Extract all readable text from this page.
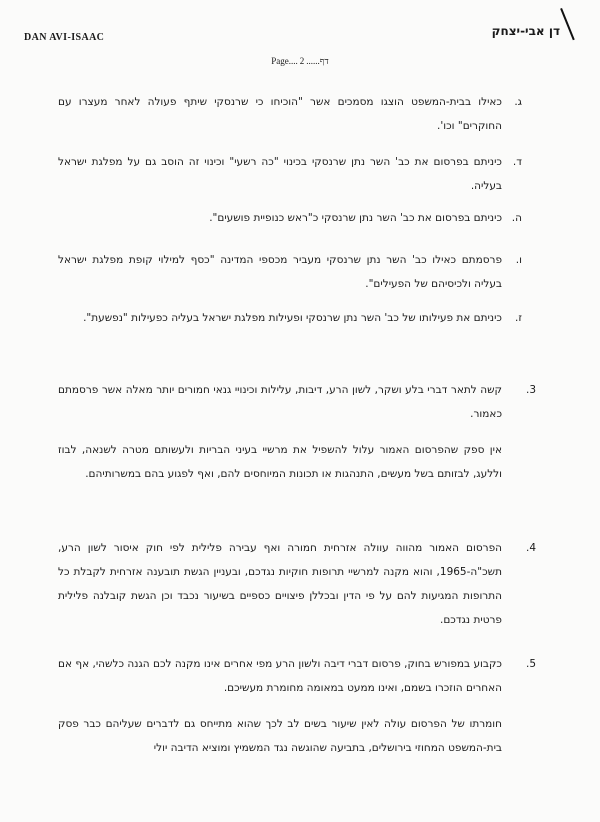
DAN AVI-ISAAC	דן אבי-יצחק
Page.... 2 ......דף
ג.
כאילו בבית-המשפט הוצגו מסמכים אשר "הוכיחו כי שרנסקי שיתף פעולה לאחר מעצרו עם החוקרים" וכו'.
ד.
כיניתם בפרסום את כב' השר נתן שרנסקי בכינוי "כה רשעי" וכינוי זה הוסב גם על מפלגת ישראל בעליה.
ה.
כיניתם בפרסום את כב' השר נתן שרנסקי כ"ראש כנופיית פושעים".
ו.
פרסמתם כאילו כב' השר נתן שרנסקי מעביר מכספי המדינה "כסף למילוי קופת מפלגת ישראל בעליה ולכיסיהם של הפעילים".
ז.
כיניתם את פעילותו של כב' השר נתן שרנסקי ופעילות מפלגת ישראל בעליה כפעילות "נפשעת".
3.
קשה לתאר דברי בלע ושקר, לשון הרע, דיבות, עלילות וכינויי גנאי חמורים יותר מאלה אשר פרסמתם כאמור.
אין ספק שהפרסום האמור עלול להשפיל את מרשיי בעיני הבריות ולעשותם מטרה לשנאה, לבוז וללעג, לבזותם בשל מעשים, התנהגות או תכונות המיוחסים להם, ואף לפגוע בהם במשרותיהם.
4.
הפרסום האמור מהווה עוולה אזרחית חמורה ואף עבירה פלילית לפי חוק איסור לשון הרע, תשכ"ה-1965, והוא מקנה למרשיי תרופות חוקיות נגדכם, ובעניין הגשת תובענה אזרחית לקבלת כל התרופות המגיעות להם על פי הדין ובכללן פיצויים כספיים בשיעור נכבד וכן הגשת קובלנה פלילית פרטית נגדכם.
5.
כקבוע במפורש בחוק, פרסום דברי דיבה ולשון הרע מפי אחרים אינו מקנה לכם הגנה כלשהי, אף אם האחרים הוזכרו בשמם, ואינו ממעט במאומה מחומרת מעשיכם.
חומרתו של הפרסום עולה לאין שיעור בשים לב לכך שהוא מתייחס גם לדברים שעליהם כבר פסק בית-המשפט המחוזי בירושלים, בתביעה שהוגשה נגד המשמיץ ומוציא הדיבה יולי
